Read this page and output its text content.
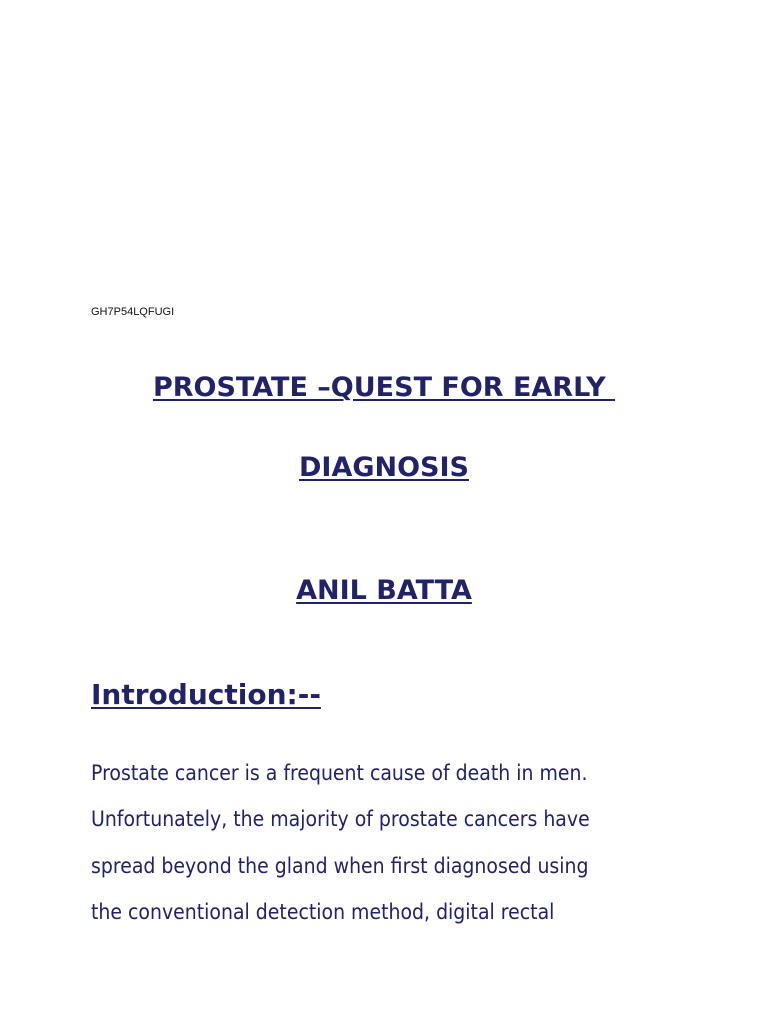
GH7P54LQFUGI
PROSTATE –QUEST FOR EARLY
DIAGNOSIS
ANIL BATTA
Introduction:--
Prostate cancer is a frequent cause of death in men.
Unfortunately, the majority of prostate cancers have
spread beyond the gland when first diagnosed using
the conventional detection method, digital rectal
